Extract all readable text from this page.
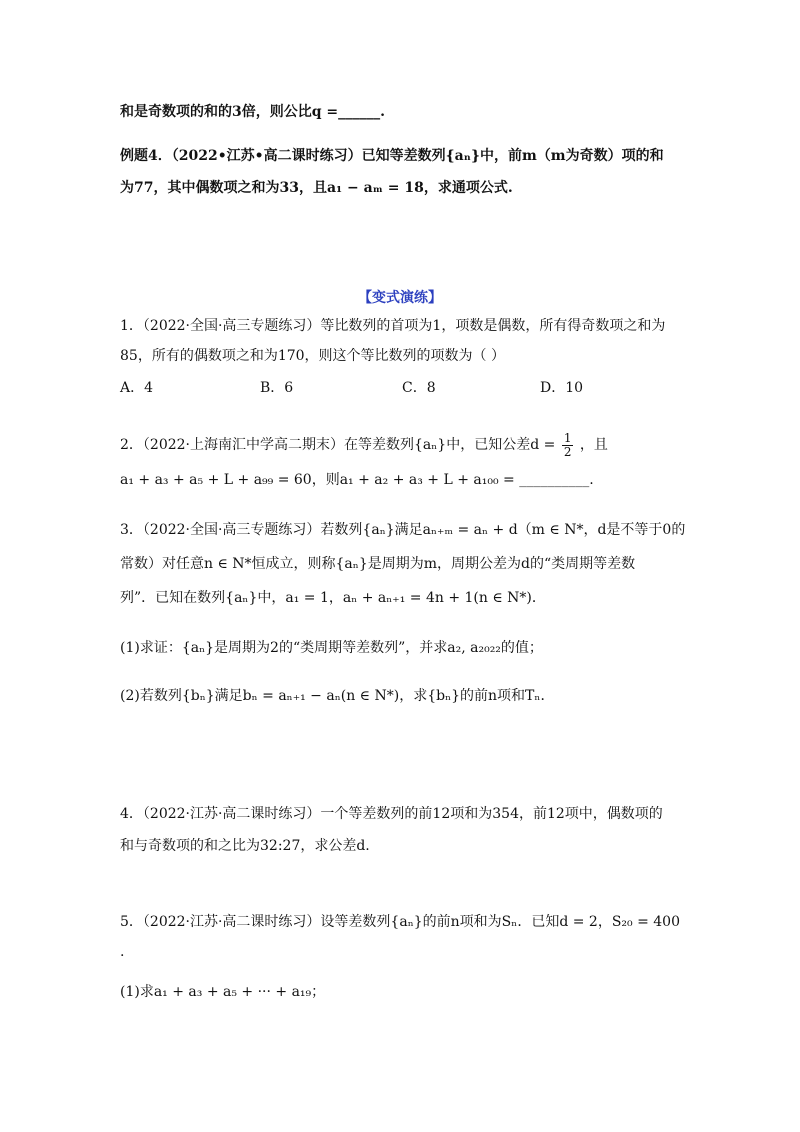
和是奇数项的和的3倍，则公比q =______.
例题4．（2022•江苏•高二课时练习）已知等差数列{aₙ}中，前m（m为奇数）项的和
为77，其中偶数项之和为33，且a₁ − aₘ = 18，求通项公式.
【变式演练】
1．（2022·全国·高三专题练习）等比数列的首项为1，项数是偶数，所有得奇数项之和为
85，所有的偶数项之和为170，则这个等比数列的项数为（ ）
A．4	B．6	C．8	D．10
2．（2022·上海南汇中学高二期末）在等差数列{aₙ}中，已知公差$d = \frac{1}{2}$ ，且
a₁ + a₃ + a₅ + L + a₉₉ = 60，则a₁ + a₂ + a₃ + L + a₁₀₀ = __________.
3．（2022·全国·高三专题练习）若数列{aₙ}满足aₙ₊ₘ = aₙ + d（m ∈ N*，d是不等于0的
常数）对任意n ∈ N*恒成立，则称{aₙ}是周期为m，周期公差为d的“类周期等差数
列”．已知在数列{aₙ}中，a₁ = 1，aₙ + aₙ₊₁ = 4n + 1(n ∈ N*)．
(1)求证：{aₙ}是周期为2的“类周期等差数列”，并求a₂, a₂₀₂₂的值；
(2)若数列{bₙ}满足bₙ = aₙ₊₁ − aₙ(n ∈ N*)，求{bₙ}的前n项和Tₙ．
4．（2022·江苏·高二课时练习）一个等差数列的前12项和为354，前12项中，偶数项的
和与奇数项的和之比为32:27，求公差d.
5．（2022·江苏·高二课时练习）设等差数列{aₙ}的前n项和为Sₙ．已知d = 2，S₂₀ = 400
.
(1)求a₁ + a₃ + a₅ + ··· + a₁₉；
